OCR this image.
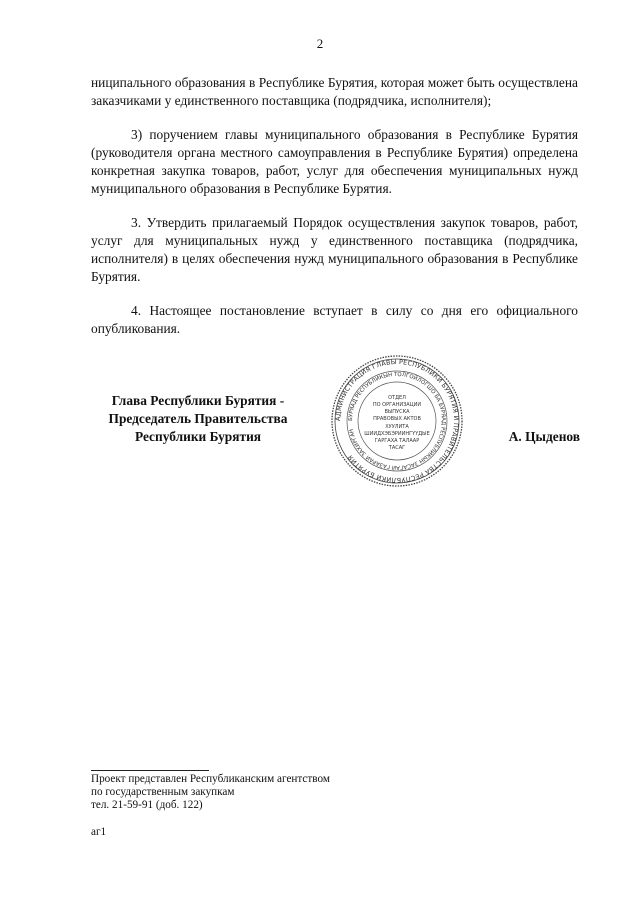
2

ниципального образования в Республике Бурятия, которая может быть осуществлена заказчиками у единственного поставщика (подрядчика, исполнителя);

3) поручением главы муниципального образования в Республике Бурятия (руководителя органа местного самоуправления в Республике Бурятия) определена конкретная закупка товаров, работ, услуг для обеспечения муниципальных нужд муниципального образования в Республике Бурятия.

3. Утвердить прилагаемый Порядок осуществления закупок товаров, работ, услуг для муниципальных нужд у единственного поставщика (подрядчика, исполнителя) в целях обеспечения нужд муниципального образования в Республике Бурятия.

4. Настоящее постановление вступает в силу со дня его официального опубликования.

Глава Республики Бурятия -
Председатель Правительства
Республики Бурятия
АДМИНИСТРАЦИЯ ГЛАВЫ РЕСПУБЛИКИ БУРЯТИЯ И ПРАВИТЕЛЬСТВА РЕСПУБЛИКИ БУРЯТИЯ
БУРЯАД РЕСПУБЛИКЫН ТОЛГОЙЛОГШО БА БУРЯАД РЕСПУБЛИКЫН ЗАСАГАЙ ГАЗАРАЙ ЗАХИРГАН
ОТДЕЛ
ПО ОРГАНИЗАЦИИ
ВЫПУСКА
ПРАВОВЫХ АКТОВ
ХУУЛИТА
ШИИДХЭБЭРИИНГҮҮДЫЕ
ГАРГАХА ТАЛААР
ТАСАГ
А. Цыденов
Проект представлен Республиканским агентством
по государственным закупкам
тел. 21-59-91 (доб. 122)
аг1
